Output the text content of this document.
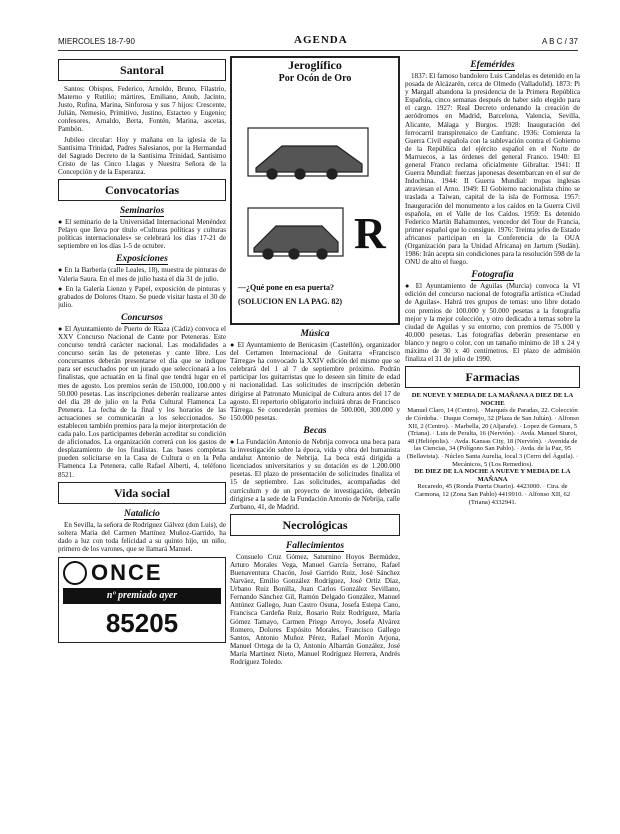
MIERCOLES 18-7-90	AGENDA	A B C / 37
Santoral

Santos: Obispos, Federico, Arnoldo, Bruno, Filastrio, Materno y Rutilio; mártires, Emiliano, Anub, Jacinto, Justo, Rufina, Marina, Sinforosa y sus 7 hijos: Crescente, Julián, Nemesio, Primitivo, Justino, Estacteo y Eugenio; confesores, Arnaldo, Berta, Fontén, Marina, ascetas, Pambón.

Jubileo circular: Hoy y mañana en la iglesia de la Santísima Trinidad, Padres Salesianos, por la Hermandad del Sagrado Decreto de la Santísima Trinidad, Santísimo Cristo de las Cinco Llagas y Nuestra Señora de la Concepción y de la Esperanza.

Convocatorias
Seminarios

● El seminario de la Universidad Internacional Menéndez Pelayo que lleva por título «Culturas políticas y culturas políticas internacionales» se celebrará los días 17-21 de septiembre en los días 1-5 de octubre.

Exposiciones

● En la Barbería (calle Leales, 18), muestra de pinturas de Valeria Saura. En el mes de julio hasta el día 31 de julio.

● En la Galería Lienzo y Papel, exposición de pinturas y grabados de Dolores Otazo. Se puede visitar hasta el 30 de julio.

Concursos

● El Ayuntamiento de Puerto de Riaza (Cádiz) convoca el XXV Concurso Nacional de Cante por Peteneras. Este concurso tendrá carácter nacional. Las modalidades a concurso serán las de peteneras y cante libre. Los concursantes deberán presentarse el día que se indique para ser escuchados por un jurado que seleccionará a los finalistas, que actuarán en la final que tendrá lugar en el mes de agosto. Los premios serán de 150.000, 100.000 y 50.000 pesetas. Las inscripciones deberán realizarse antes del día 28 de julio en la Peña Cultural Flamenca La Petenera. La fecha de la final y los horarios de las actuaciones se comunicarán a los seleccionados. Se establecen también premios para la mejor interpretación de cada palo. Los participantes deberán acreditar su condición de aficionados. La organización correrá con los gastos de desplazamiento de los finalistas. Las bases completas pueden solicitarse en la Casa de Cultura o en la Peña Flamenca La Petenera, calle Rafael Alberti, 4, teléfono 8521.

Vida social
Natalicio

En Sevilla, la señora de Rodríguez Gálvez (don Luis), de soltera María del Carmen Martínez Muñoz-Garrido, ha dado a luz con toda felicidad a su quinto hijo, un niño, primero de los varones, que se llamará Manuel.

ONCE
nº premiado ayer
85205
Jeroglífico
Por Ocón de Oro
R
—¿Qué pone en esa puerta?
(SOLUCION EN LA PAG. 82)
Música

● El Ayuntamiento de Benicasim (Castellón), organizador del Certamen Internacional de Guitarra «Francisco Tárrega» ha convocado la XXIV edición del mismo que se celebrará del 1 al 7 de septiembre próximo. Podrán participar los guitarristas que lo deseen sin límite de edad ni nacionalidad. Las solicitudes de inscripción deberán dirigirse al Patronato Municipal de Cultura antes del 17 de agosto. El repertorio obligatorio incluirá obras de Francisco Tárrega. Se concederán premios de 500.000, 300.000 y 150.000 pesetas.

Becas

● La Fundación Antonio de Nebrija convoca una beca para la investigación sobre la época, vida y obra del humanista andaluz Antonio de Nebrija. La beca está dirigida a licenciados universitarios y su dotación es de 1.200.000 pesetas. El plazo de presentación de solicitudes finaliza el 15 de septiembre. Las solicitudes, acompañadas del currículum y de un proyecto de investigación, deberán dirigirse a la sede de la Fundación Antonio de Nebrija, calle Zurbano, 41, de Madrid.

Necrológicas
Fallecimientos

Consuelo Cruz Gómez, Saturnino Hoyos Bermúdez, Arturo Morales Vega, Manuel García Serrano, Rafael Buenaventura Chacón, José Garrido Ruiz, José Sánchez Narváez, Emilio González Rodríguez, José Ortiz Díaz, Urbano Ruiz Bonilla, Juan Carlos González Sevillano, Fernando Sánchez Gil, Ramón Delgado González, Manuel Antúnez Gallego, Juan Castro Osuna, Josefa Estepa Cano, Francisca Cardeña Ruiz, Rosario Ruiz Rodríguez, María Gómez Tamayo, Carmen Priego Arroyo, Josefa Alvárez Romero, Dolores Expósito Morales, Francisco Gallego Santos, Antonio Muñoz Pérez, Rafael Morón Arjona, Manuel Ortega de la O, Antonio Albarrán González, José María Martínez Nieto, Manuel Rodríguez Herrera, Andrés Rodríguez Toledo.

Efemérides

1837: El famoso bandolero Luis Candelas es detenido en la posada de Alcázarén, cerca de Olmedo (Valladolid). 1873: Pi y Margall abandona la presidencia de la Primera República Española, cinco semanas después de haber sido elegido para el cargo. 1927: Real Decreto ordenando la creación de aeródromos en Madrid, Barcelona, Valencia, Sevilla, Alicante, Málaga y Burgos. 1928: Inauguración del ferrocarril transpirenaico de Canfranc. 1936: Comienza la Guerra Civil española con la sublevación contra el Gobierno de la República del ejército español en el Norte de Marruecos, a las órdenes del general Franco. 1940: El general Franco reclama oficialmente Gibraltar. 1941: II Guerra Mundial: fuerzas japonesas desembarcan en el sur de Indochina. 1944: II Guerra Mundial: tropas inglesas atraviesan el Arno. 1949: El Gobierno nacionalista chino se traslada a Taiwan, capital de la isla de Formosa. 1957: Inauguración del monumento a los caídos en la Guerra Civil española, en el Valle de los Caídos. 1959: Es detenido Federico Martín Bahamontes, vencedor del Tour de Francia, primer español que lo consigue. 1976: Treinta jefes de Estado africanos participan en la Conferencia de la OUA (Organización para la Unidad Africana) en Jartum (Sudán). 1986: Irán acepta sin condiciones para la resolución 598 de la ONU de alto el fuego.

Fotografía

● El Ayuntamiento de Aguilas (Murcia) convoca la VI edición del concurso nacional de fotografía artística «Ciudad de Aguilas». Habrá tres grupos de temas: uno libre dotado con premios de 100.000 y 50.000 pesetas a la fotografía mejor y la mejor colección, y otro dedicado a temas sobre la ciudad de Aguilas y su entorno, con premios de 75.000 y 40.000 pesetas. Las fotografías deberán presentarse en blanco y negro o color, con un tamaño mínimo de 18 x 24 y máximo de 30 x 40 centímetros. El plazo de admisión finaliza el 31 de julio de 1990.

Farmacias
DE NUEVE Y MEDIA DE LA MAÑANA A DIEZ DE LA NOCHE
Manuel Claro, 14 (Centro). · Marqués de Paradas, 22. Colección de Córdoba. · Duque Cornejo, 32 (Plaza de San Julián). · Alfonso XII, 2 (Centro). · Marbella, 20 (Aljarafe). · Lopez de Gomara, 5 (Triana). · Luis de Peralta, 16 (Nervión). · Avda. Manuel Siurot, 48 (Heliópolis). · Avda. Kansas City, 18 (Nervión). · Avenida de las Ciencias, 34 (Polígono San Pablo). · Avda. de la Paz, 95 (Bellavista). · Núcleo Santa Aurelia, local 3 (Cerro del Águila). · Mecánicos, 5 (Los Remedios).
DE DIEZ DE LA NOCHE A NUEVE Y MEDIA DE LA MAÑANA
Recaredo, 45 (Ronda Puerta Osario). 4423000. · Ctra. de Carmona, 12 (Zona San Pablo) 4419910. · Alfonso XII, 62 (Triana) 4332941.
